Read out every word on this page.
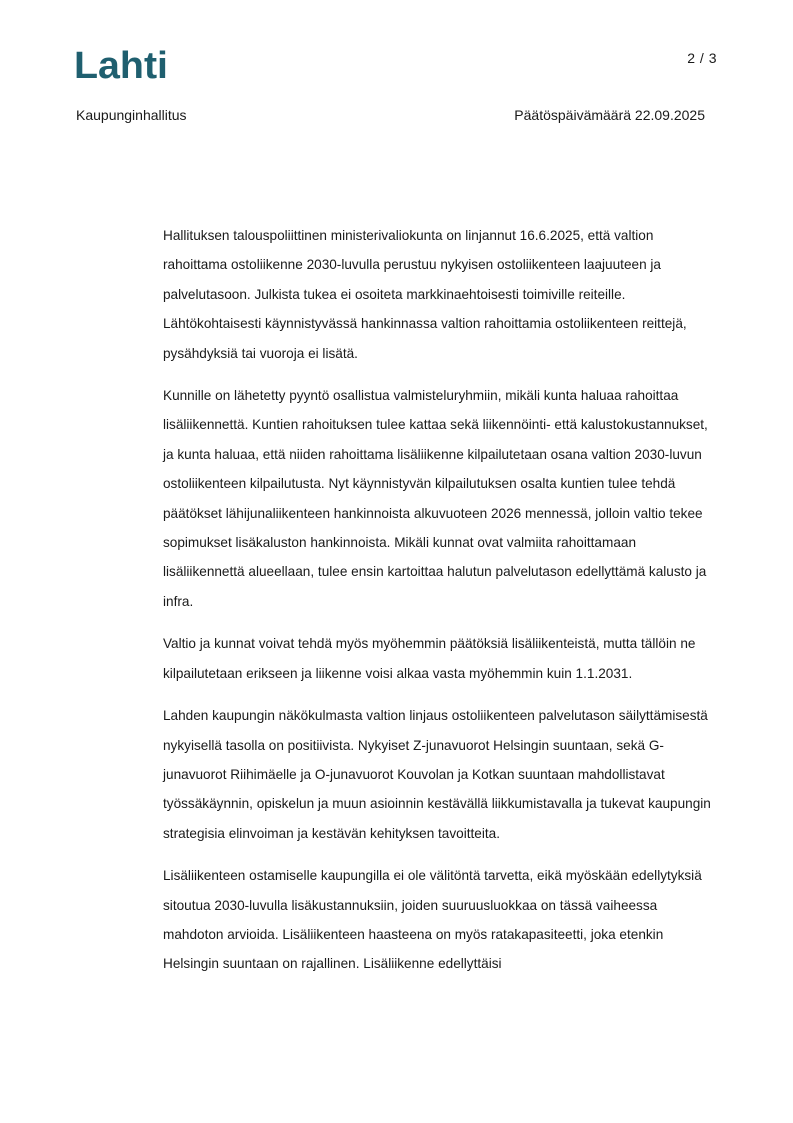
Lahti	2 / 3
Kaupunginhallitus	Päätöspäivämäärä 22.09.2025

Hallituksen talouspoliittinen ministerivaliokunta on linjannut 16.6.2025, että valtion rahoittama ostoliikenne 2030-luvulla perustuu nykyisen ostoliikenteen laajuuteen ja palvelutasoon. Julkista tukea ei osoiteta markkinaehtoisesti toimiville reiteille. Lähtökohtaisesti käynnistyvässä hankinnassa valtion rahoittamia ostoliikenteen reittejä, pysähdyksiä tai vuoroja ei lisätä.

Kunnille on lähetetty pyyntö osallistua valmisteluryhmiin, mikäli kunta haluaa rahoittaa lisäliikennettä. Kuntien rahoituksen tulee kattaa sekä liikennöinti- että kalustokustannukset, ja kunta haluaa, että niiden rahoittama lisäliikenne kilpailutetaan osana valtion 2030-luvun ostoliikenteen kilpailutusta. Nyt käynnistyvän kilpailutuksen osalta kuntien tulee tehdä päätökset lähijunaliikenteen hankinnoista alkuvuoteen 2026 mennessä, jolloin valtio tekee sopimukset lisäkaluston hankinnoista. Mikäli kunnat ovat valmiita rahoittamaan lisäliikennettä alueellaan, tulee ensin kartoittaa halutun palvelutason edellyttämä kalusto ja infra.

Valtio ja kunnat voivat tehdä myös myöhemmin päätöksiä lisäliikenteistä, mutta tällöin ne kilpailutetaan erikseen ja liikenne voisi alkaa vasta myöhemmin kuin 1.1.2031.

Lahden kaupungin näkökulmasta valtion linjaus ostoliikenteen palvelutason säilyttämisestä nykyisellä tasolla on positiivista. Nykyiset Z-junavuorot Helsingin suuntaan, sekä G-junavuorot Riihimäelle ja O-junavuorot Kouvolan ja Kotkan suuntaan mahdollistavat työssäkäynnin, opiskelun ja muun asioinnin kestävällä liikkumistavalla ja tukevat kaupungin strategisia elinvoiman ja kestävän kehityksen tavoitteita.

Lisäliikenteen ostamiselle kaupungilla ei ole välitöntä tarvetta, eikä myöskään edellytyksiä sitoutua 2030-luvulla lisäkustannuksiin, joiden suuruusluokkaa on tässä vaiheessa mahdoton arvioida. Lisäliikenteen haasteena on myös ratakapasiteetti, joka etenkin Helsingin suuntaan on rajallinen. Lisäliikenne edellyttäisi
